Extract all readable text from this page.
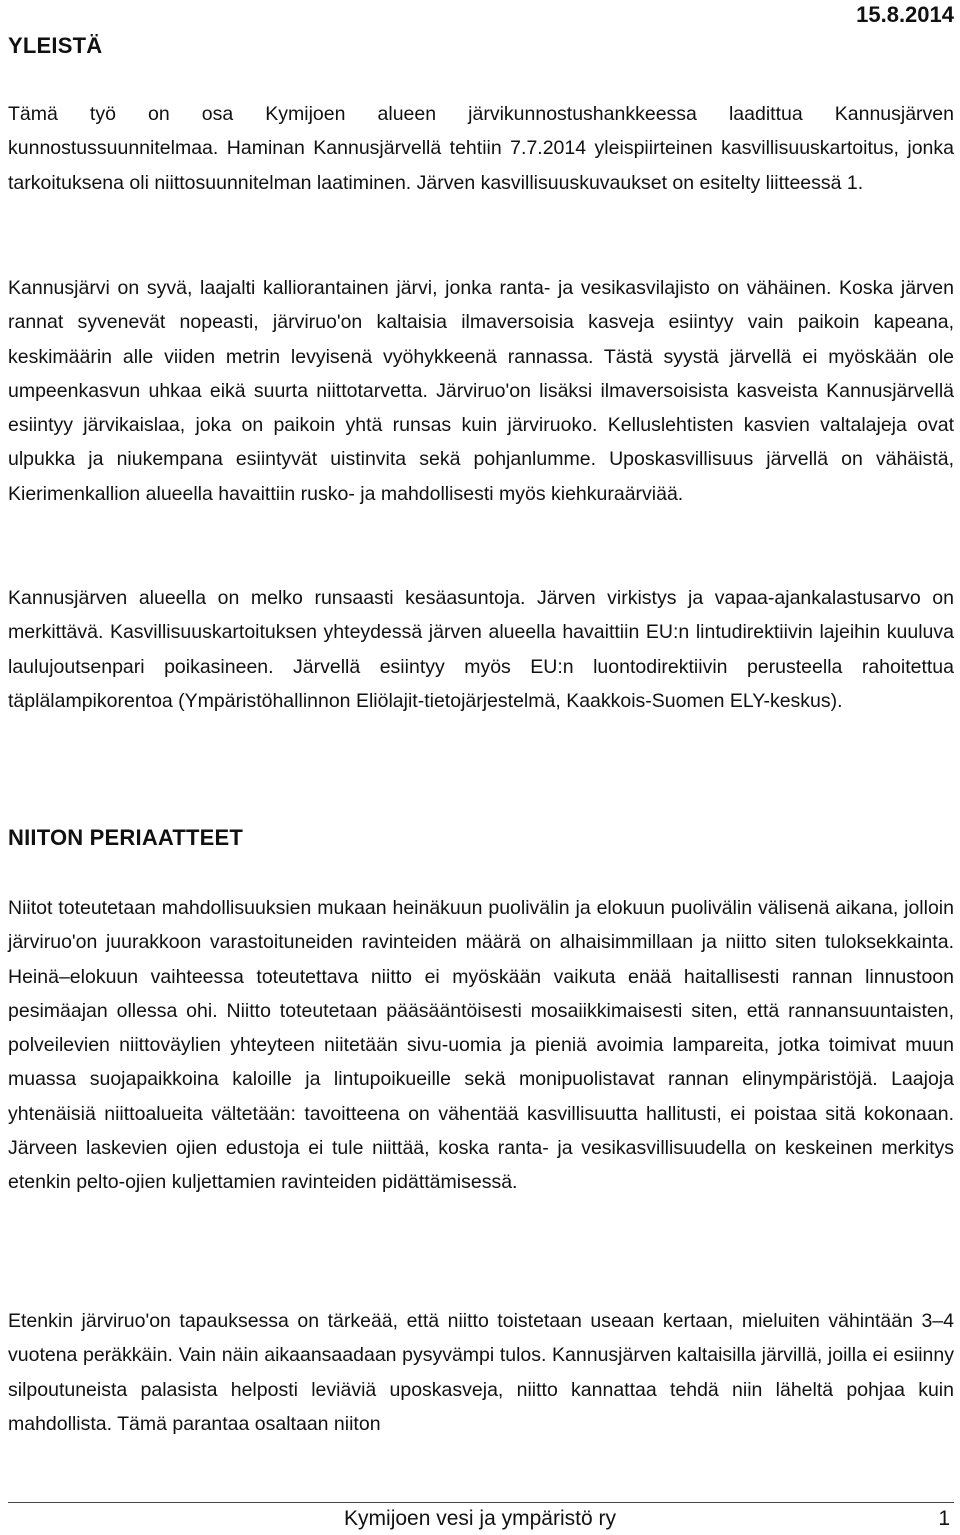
YLEISTÄ
15.8.2014

Tämä työ on osa Kymijoen alueen järvikunnostushankkeessa laadittua Kannusjärven kunnostussuunnitelmaa. Haminan Kannusjärvellä tehtiin 7.7.2014 yleispiirteinen kasvillisuuskartoitus, jonka tarkoituksena oli niittosuunnitelman laatiminen. Järven kasvillisuuskuvaukset on esitelty liitteessä 1.

Kannusjärvi on syvä, laajalti kalliorantainen järvi, jonka ranta- ja vesikasvilajisto on vähäinen. Koska järven rannat syvenevät nopeasti, järviruo'on kaltaisia ilmaversoisia kasveja esiintyy vain paikoin kapeana, keskimäärin alle viiden metrin levyisenä vyöhykkeenä rannassa. Tästä syystä järvellä ei myöskään ole umpeenkasvun uhkaa eikä suurta niittotarvetta. Järviruo'on lisäksi ilmaversoisista kasveista Kannusjärvellä esiintyy järvikaislaa, joka on paikoin yhtä runsas kuin järviruoko. Kelluslehtisten kasvien valtalajeja ovat ulpukka ja niukempana esiintyvät uistinvita sekä pohjanlumme. Uposkasvillisuus järvellä on vähäistä, Kierimenkallion alueella havaittiin rusko- ja mahdollisesti myös kiehkuraärviää.

Kannusjärven alueella on melko runsaasti kesäasuntoja. Järven virkistys ja vapaa-ajankalastusarvo on merkittävä. Kasvillisuuskartoituksen yhteydessä järven alueella havaittiin EU:n lintudirektiivin lajeihin kuuluva laulujoutsenpari poikasineen. Järvellä esiintyy myös EU:n luontodirektiivin perusteella rahoitettua täplälampikorentoa (Ympäristöhallinnon Eliölajit-tietojärjestelmä, Kaakkois-Suomen ELY-keskus).

NIITON PERIAATTEET

Niitot toteutetaan mahdollisuuksien mukaan heinäkuun puolivälin ja elokuun puolivälin välisenä aikana, jolloin järviruo'on juurakkoon varastoituneiden ravinteiden määrä on alhaisimmillaan ja niitto siten tuloksekkainta. Heinä–elokuun vaihteessa toteutettava niitto ei myöskään vaikuta enää haitallisesti rannan linnustoon pesimäajan ollessa ohi. Niitto toteutetaan pääsääntöisesti mosaiikkimaisesti siten, että rannansuuntaisten, polveilevien niittoväylien yhteyteen niitetään sivu-uomia ja pieniä avoimia lampareita, jotka toimivat muun muassa suojapaikkoina kaloille ja lintupoikueille sekä monipuolistavat rannan elinympäristöjä. Laajoja yhtenäisiä niittoalueita vältetään: tavoitteena on vähentää kasvillisuutta hallitusti, ei poistaa sitä kokonaan. Järveen laskevien ojien edustoja ei tule niittää, koska ranta- ja vesikasvillisuudella on keskeinen merkitys etenkin pelto-ojien kuljettamien ravinteiden pidättämisessä.

Etenkin järviruo'on tapauksessa on tärkeää, että niitto toistetaan useaan kertaan, mieluiten vähintään 3–4 vuotena peräkkäin. Vain näin aikaansaadaan pysyvämpi tulos. Kannusjärven kaltaisilla järvillä, joilla ei esiinny silpoutuneista palasista helposti leviäviä uposkasveja, niitto kannattaa tehdä niin läheltä pohjaa kuin mahdollista. Tämä parantaa osaltaan niiton

Kymijoen vesi ja ympäristö ry	1
